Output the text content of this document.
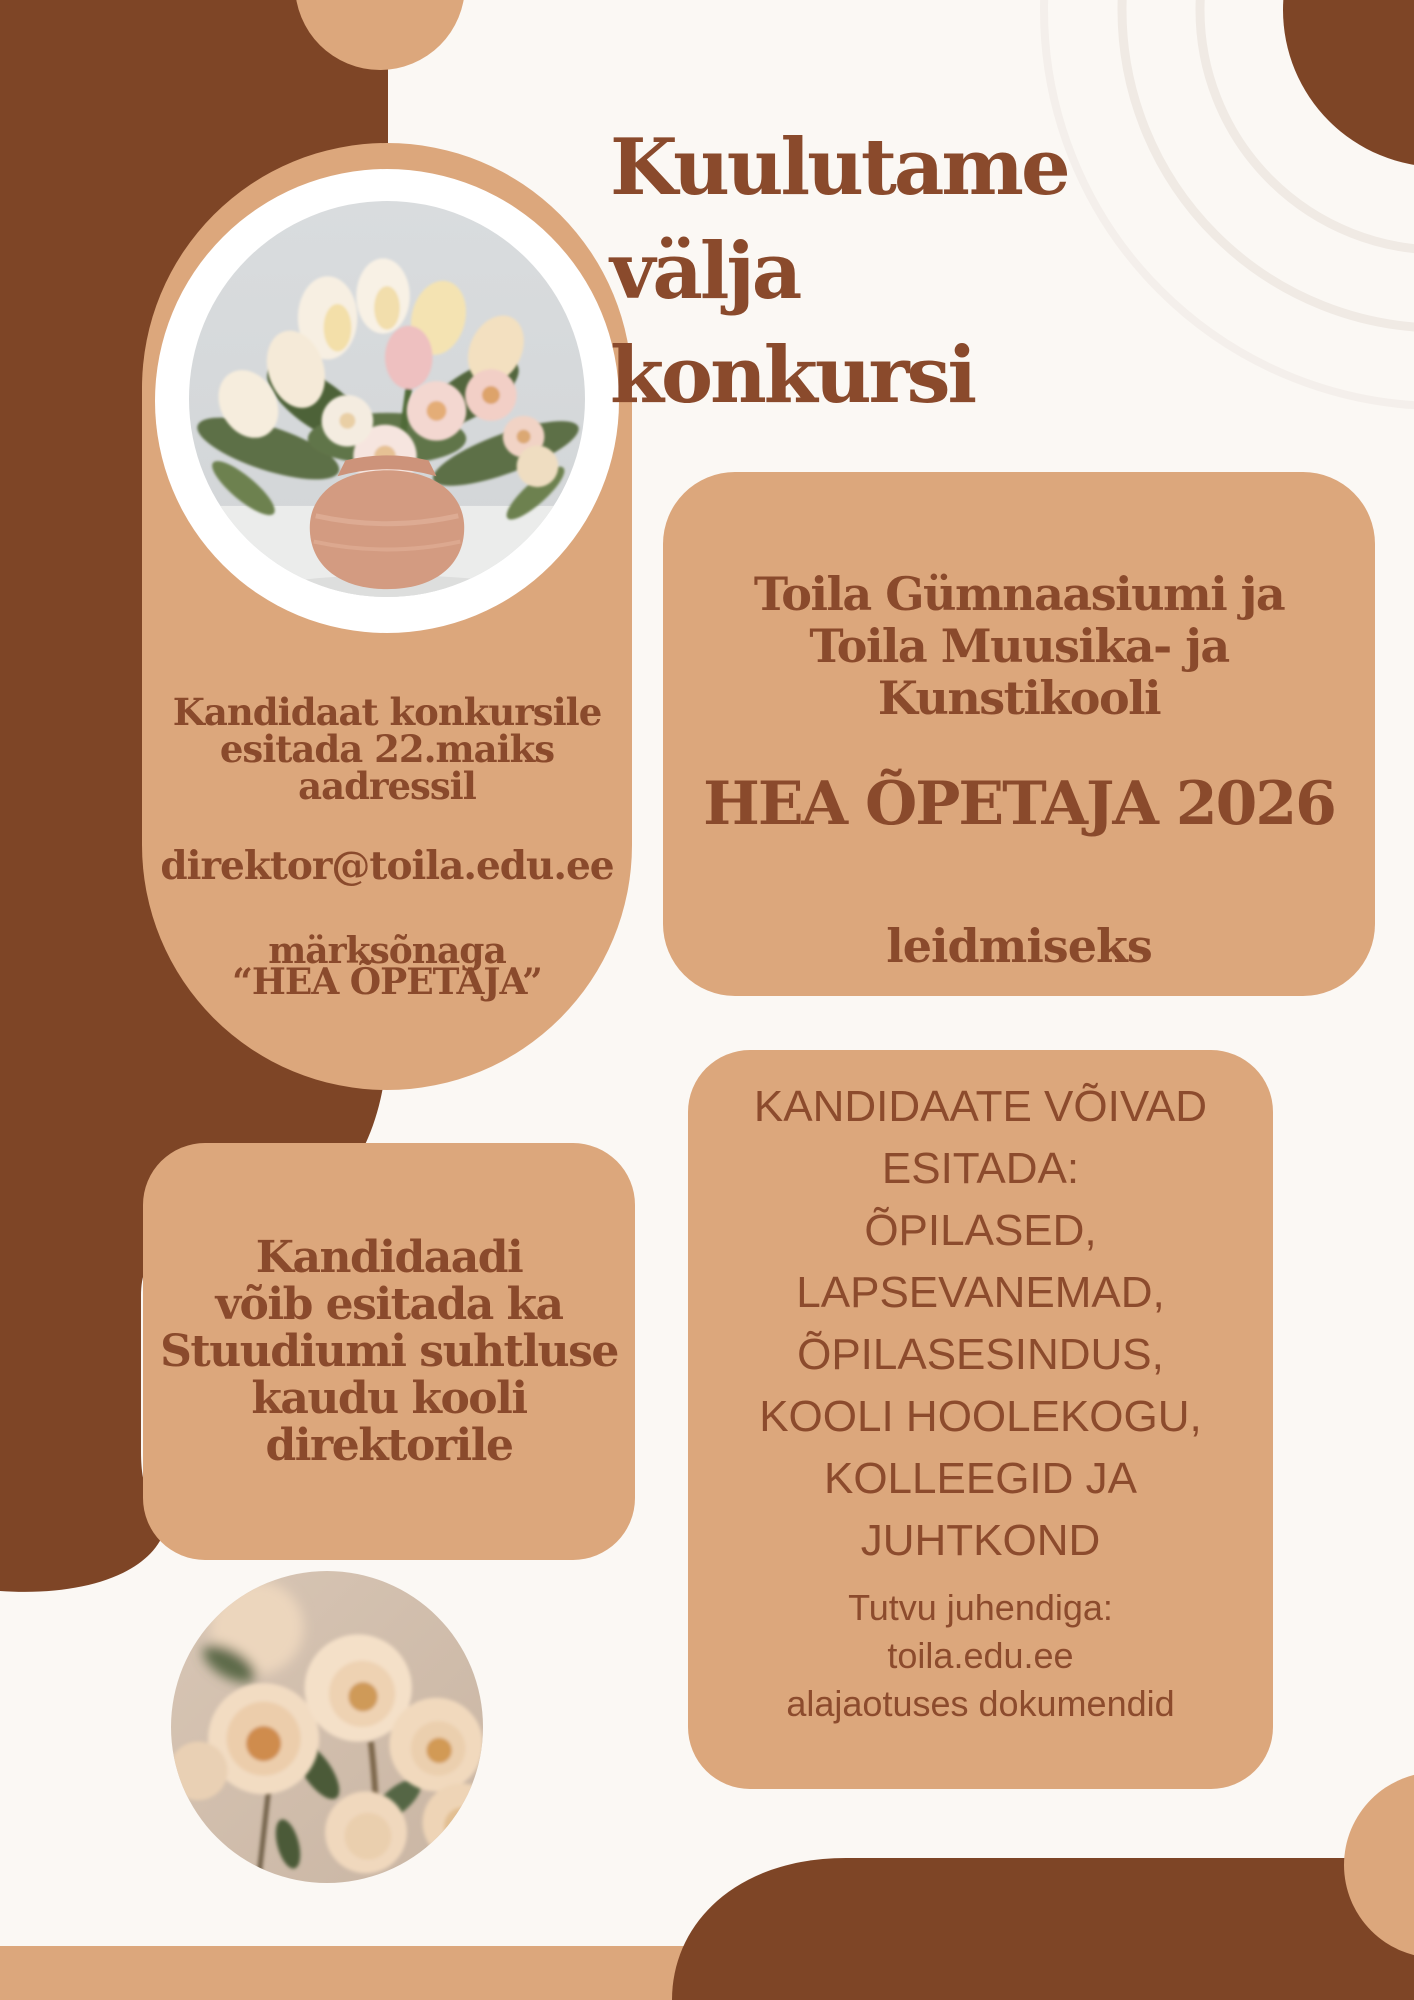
Kuulutame
välja
konkursi
Kandidaat konkursile
esitada 22.maiks
aadressil
direktor@toila.edu.ee
märksõnaga
“HEA ÕPETAJA”
Toila Gümnaasiumi ja
Toila Muusika- ja
Kunstikooli
HEA ÕPETAJA 2026
leidmiseks
Kandidaadi
võib esitada ka
Stuudiumi suhtluse
kaudu kooli
direktorile
KANDIDAATE VÕIVAD
ESITADA:
ÕPILASED,
LAPSEVANEMAD,
ÕPILASESINDUS,
KOOLI HOOLEKOGU,
KOLLEEGID JA
JUHTKOND
Tutvu juhendiga:
toila.edu.ee
alajaotuses dokumendid
